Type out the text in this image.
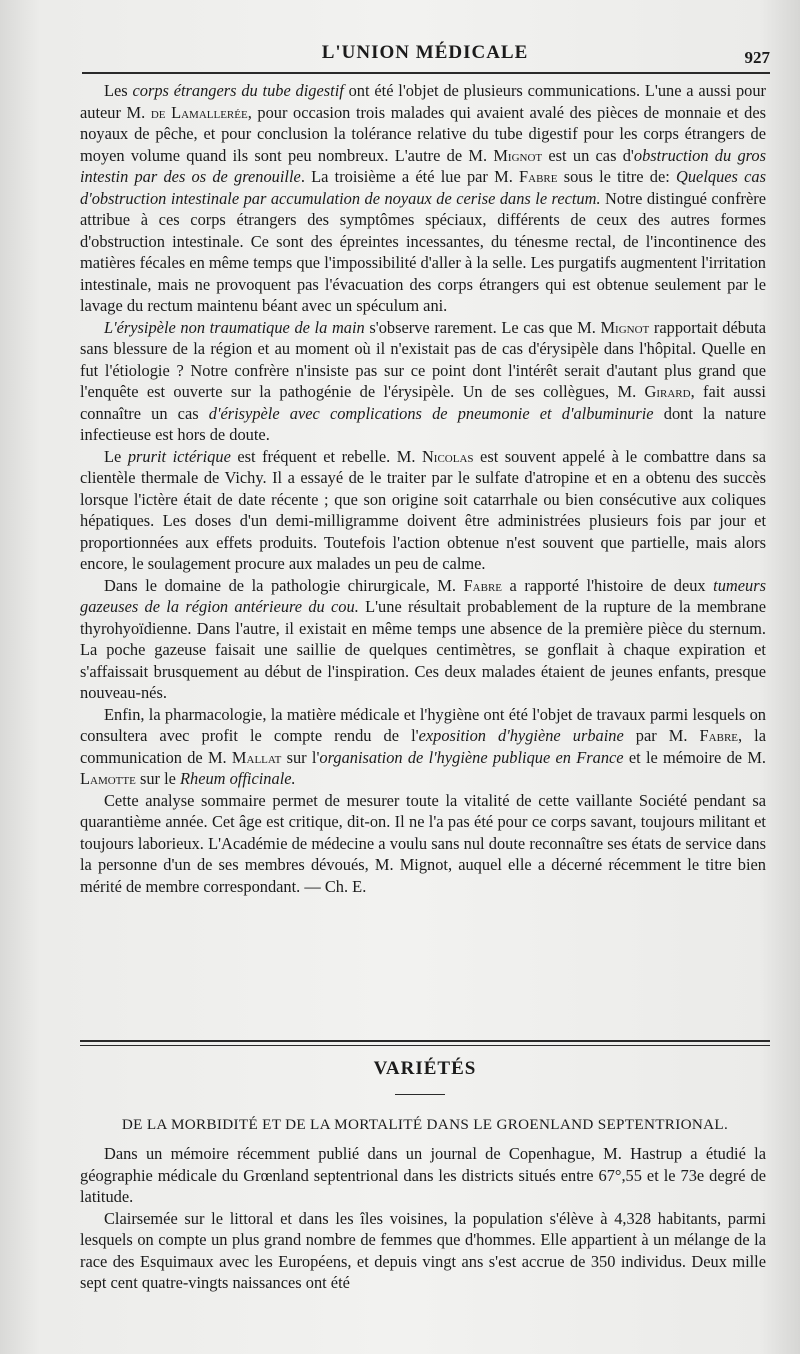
L'UNION MÉDICALE	927

Les corps étrangers du tube digestif ont été l'objet de plusieurs communications. L'une a aussi pour auteur M. de Lamallerée, pour occasion trois malades qui avaient avalé des pièces de monnaie et des noyaux de pêche, et pour conclusion la tolérance relative du tube digestif pour les corps étrangers de moyen volume quand ils sont peu nombreux. L'autre de M. Mignot est un cas d'obstruction du gros intestin par des os de grenouille. La troisième a été lue par M. Fabre sous le titre de: Quelques cas d'obstruction intestinale par accumulation de noyaux de cerise dans le rectum. Notre distingué confrère attribue à ces corps étrangers des symptômes spéciaux, différents de ceux des autres formes d'obstruction intestinale. Ce sont des épreintes incessantes, du ténesme rectal, de l'incontinence des matières fécales en même temps que l'impossibilité d'aller à la selle. Les purgatifs augmentent l'irritation intestinale, mais ne provoquent pas l'évacuation des corps étrangers qui est obtenue seulement par le lavage du rectum maintenu béant avec un spéculum ani.

L'érysipèle non traumatique de la main s'observe rarement. Le cas que M. Mignot rapportait débuta sans blessure de la région et au moment où il n'existait pas de cas d'érysipèle dans l'hôpital. Quelle en fut l'étiologie ? Notre confrère n'insiste pas sur ce point dont l'intérêt serait d'autant plus grand que l'enquête est ouverte sur la pathogénie de l'érysipèle. Un de ses collègues, M. Girard, fait aussi connaître un cas d'érisypèle avec complications de pneumonie et d'albuminurie dont la nature infectieuse est hors de doute.

Le prurit ictérique est fréquent et rebelle. M. Nicolas est souvent appelé à le combattre dans sa clientèle thermale de Vichy. Il a essayé de le traiter par le sulfate d'atropine et en a obtenu des succès lorsque l'ictère était de date récente ; que son origine soit catarrhale ou bien consécutive aux coliques hépatiques. Les doses d'un demi-milligramme doivent être administrées plusieurs fois par jour et proportionnées aux effets produits. Toutefois l'action obtenue n'est souvent que partielle, mais alors encore, le soulagement procure aux malades un peu de calme.

Dans le domaine de la pathologie chirurgicale, M. Fabre a rapporté l'histoire de deux tumeurs gazeuses de la région antérieure du cou. L'une résultait probablement de la rupture de la membrane thyrohyoïdienne. Dans l'autre, il existait en même temps une absence de la première pièce du sternum. La poche gazeuse faisait une saillie de quelques centimètres, se gonflait à chaque expiration et s'affaissait brusquement au début de l'inspiration. Ces deux malades étaient de jeunes enfants, presque nouveau-nés.

Enfin, la pharmacologie, la matière médicale et l'hygiène ont été l'objet de travaux parmi lesquels on consultera avec profit le compte rendu de l'exposition d'hygiène urbaine par M. Fabre, la communication de M. Mallat sur l'organisation de l'hygiène publique en France et le mémoire de M. Lamotte sur le Rheum officinale.

Cette analyse sommaire permet de mesurer toute la vitalité de cette vaillante Société pendant sa quarantième année. Cet âge est critique, dit-on. Il ne l'a pas été pour ce corps savant, toujours militant et toujours laborieux. L'Académie de médecine a voulu sans nul doute reconnaître ses états de service dans la personne d'un de ses membres dévoués, M. Mignot, auquel elle a décerné récemment le titre bien mérité de membre correspondant. — Ch. E.

VARIÉTÉS
DE LA MORBIDITÉ ET DE LA MORTALITÉ DANS LE GROENLAND SEPTENTRIONAL.

Dans un mémoire récemment publié dans un journal de Copenhague, M. Hastrup a étudié la géographie médicale du Grœnland septentrional dans les districts situés entre 67°,55 et le 73e degré de latitude.

Clairsemée sur le littoral et dans les îles voisines, la population s'élève à 4,328 habitants, parmi lesquels on compte un plus grand nombre de femmes que d'hommes. Elle appartient à un mélange de la race des Esquimaux avec les Européens, et depuis vingt ans s'est accrue de 350 individus. Deux mille sept cent quatre-vingts naissances ont été
